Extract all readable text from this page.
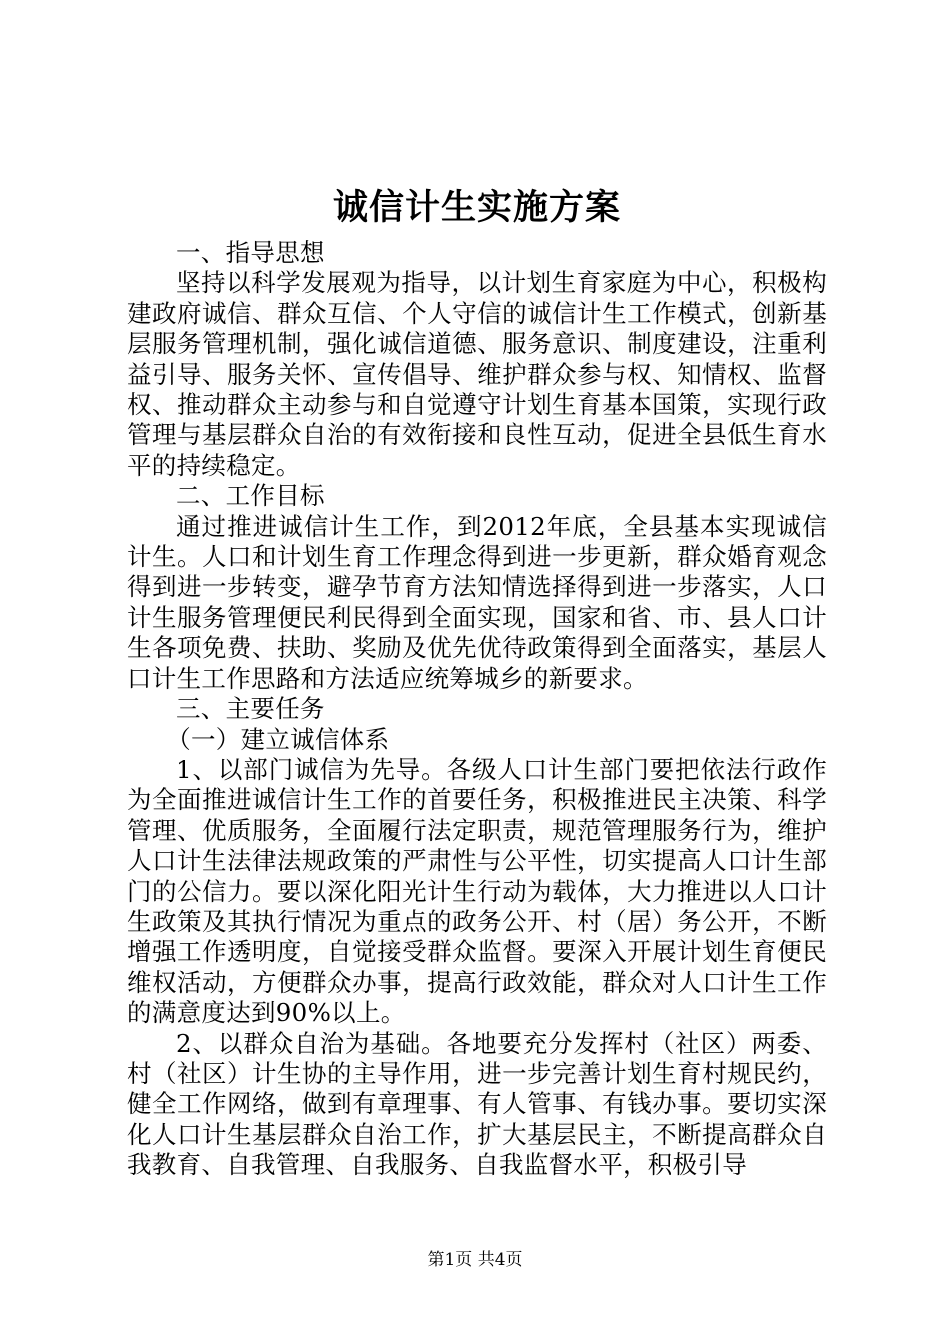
诚信计生实施方案

一、指导思想

坚持以科学发展观为指导，以计划生育家庭为中心，积极构建政府诚信、群众互信、个人守信的诚信计生工作模式，创新基层服务管理机制，强化诚信道德、服务意识、制度建设，注重利益引导、服务关怀、宣传倡导、维护群众参与权、知情权、监督权、推动群众主动参与和自觉遵守计划生育基本国策，实现行政管理与基层群众自治的有效衔接和良性互动，促进全县低生育水平的持续稳定。

二、工作目标

通过推进诚信计生工作，到2012年底，全县基本实现诚信计生。人口和计划生育工作理念得到进一步更新，群众婚育观念得到进一步转变，避孕节育方法知情选择得到进一步落实，人口计生服务管理便民利民得到全面实现，国家和省、市、县人口计生各项免费、扶助、奖励及优先优待政策得到全面落实，基层人口计生工作思路和方法适应统筹城乡的新要求。

三、主要任务

（一）建立诚信体系

1、以部门诚信为先导。各级人口计生部门要把依法行政作为全面推进诚信计生工作的首要任务，积极推进民主决策、科学管理、优质服务，全面履行法定职责，规范管理服务行为，维护人口计生法律法规政策的严肃性与公平性，切实提高人口计生部门的公信力。要以深化阳光计生行动为载体，大力推进以人口计生政策及其执行情况为重点的政务公开、村（居）务公开，不断增强工作透明度，自觉接受群众监督。要深入开展计划生育便民维权活动，方便群众办事，提高行政效能，群众对人口计生工作的满意度达到90%以上。

2、以群众自治为基础。各地要充分发挥村（社区）两委、村（社区）计生协的主导作用，进一步完善计划生育村规民约，健全工作网络，做到有章理事、有人管事、有钱办事。要切实深化人口计生基层群众自治工作，扩大基层民主，不断提高群众自我教育、自我管理、自我服务、自我监督水平，积极引导

第1页 共4页
